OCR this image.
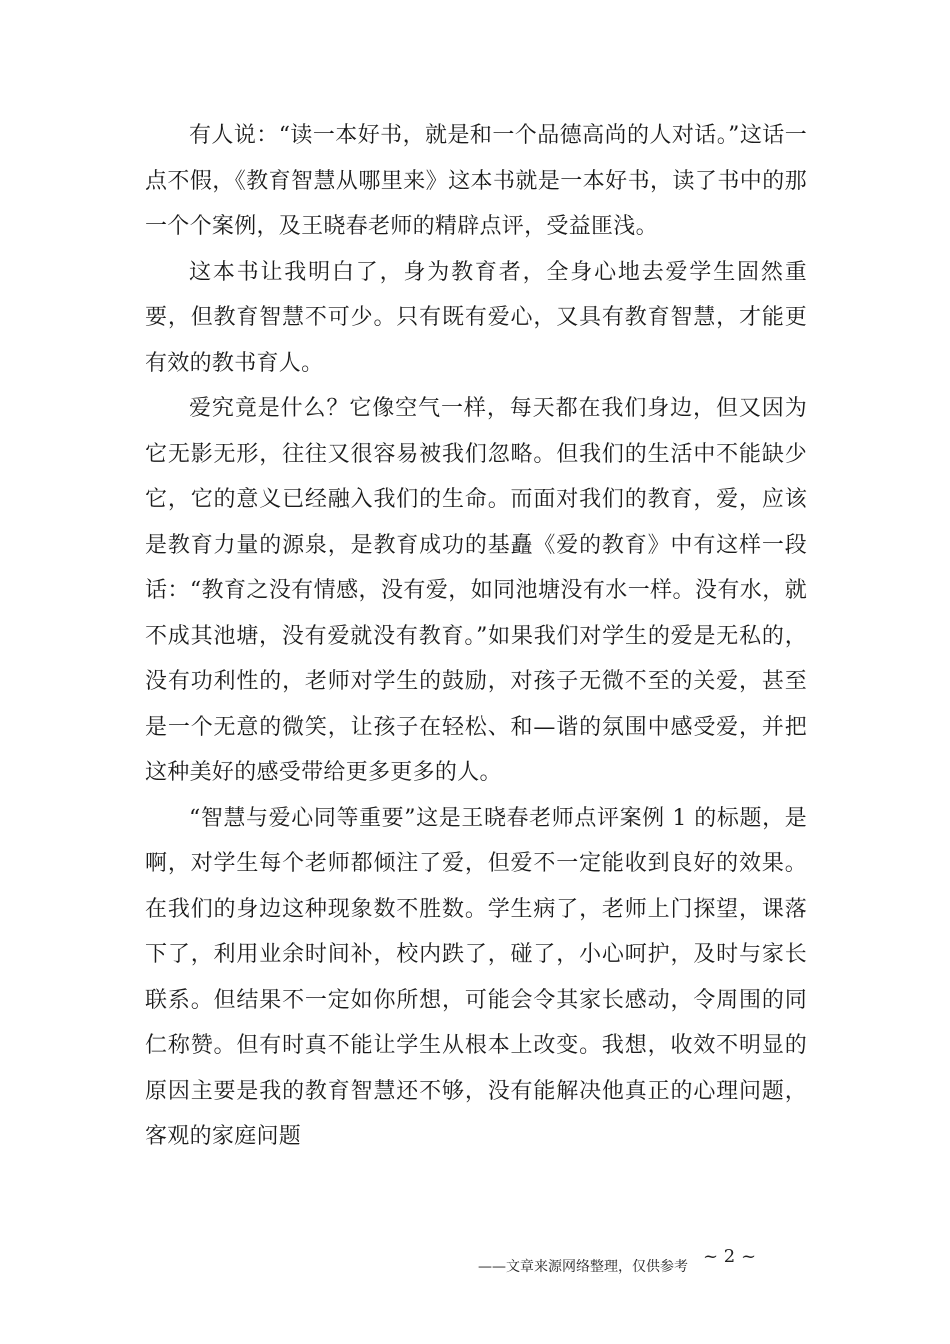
有人说：“读一本好书，就是和一个品德高尚的人对话。”这话一点不假，《教育智慧从哪里来》这本书就是一本好书，读了书中的那一个个案例，及王晓春老师的精辟点评，受益匪浅。

这本书让我明白了，身为教育者，全身心地去爱学生固然重要，但教育智慧不可少。只有既有爱心，又具有教育智慧，才能更有效的教书育人。

爱究竟是什么？它像空气一样，每天都在我们身边，但又因为它无影无形，往往又很容易被我们忽略。但我们的生活中不能缺少它，它的意义已经融入我们的生命。而面对我们的教育，爱，应该是教育力量的源泉，是教育成功的基矗《爱的教育》中有这样一段话：“教育之没有情感，没有爱，如同池塘没有水一样。没有水，就不成其池塘，没有爱就没有教育。”如果我们对学生的爱是无私的，没有功利性的，老师对学生的鼓励，对孩子无微不至的关爱，甚至是一个无意的微笑，让孩子在轻松、和—谐的氛围中感受爱，并把这种美好的感受带给更多更多的人。

“智慧与爱心同等重要”这是王晓春老师点评案例 1 的标题，是啊，对学生每个老师都倾注了爱，但爱不一定能收到良好的效果。在我们的身边这种现象数不胜数。学生病了，老师上门探望，课落下了，利用业余时间补，校内跌了，碰了，小心呵护，及时与家长联系。但结果不一定如你所想，可能会令其家长感动，令周围的同仁称赞。但有时真不能让学生从根本上改变。我想，收效不明显的原因主要是我的教育智慧还不够，没有能解决他真正的心理问题，客观的家庭问题

——文章来源网络整理，仅供参考 ~ 2 ~
